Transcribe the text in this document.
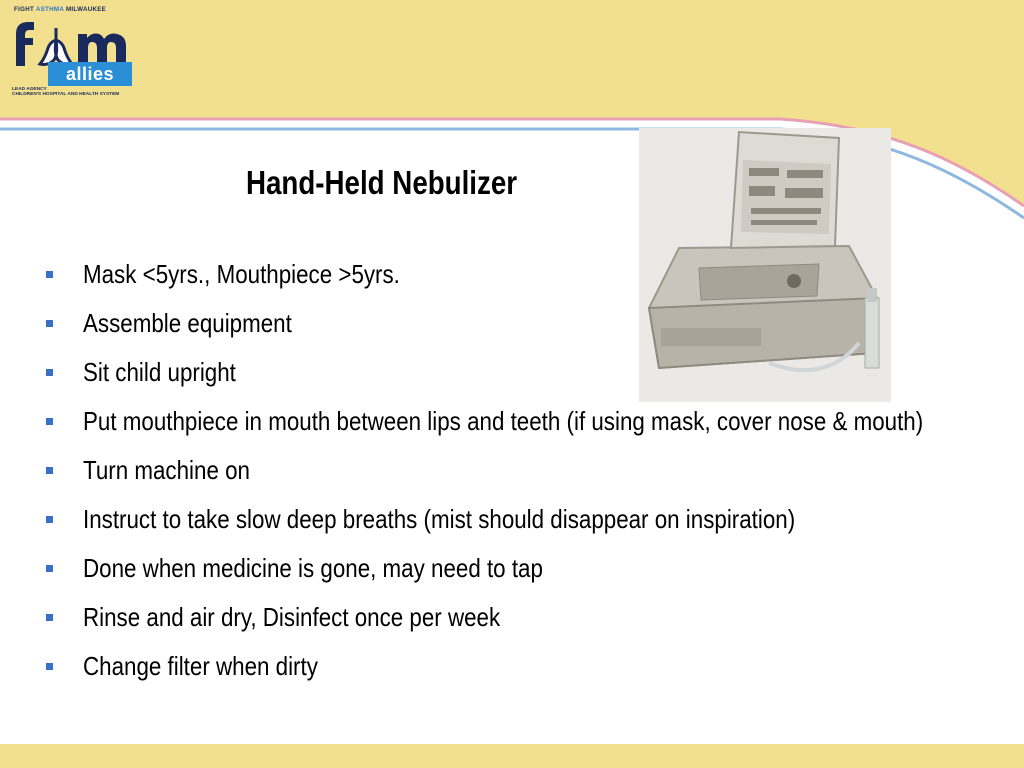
FIGHT ASTHMA MILWAUKEE
allies
LEAD AGENCY
CHILDREN'S HOSPITAL AND HEALTH SYSTEM
Hand-Held Nebulizer
Mask <5yrs., Mouthpiece >5yrs.
Assemble equipment
Sit child upright
Put mouthpiece in mouth between lips and teeth (if using mask, cover nose & mouth)
Turn machine on
Instruct to take slow deep breaths (mist should disappear on inspiration)
Done when medicine is gone, may need to tap
Rinse and air dry, Disinfect once per week
Change filter when dirty
